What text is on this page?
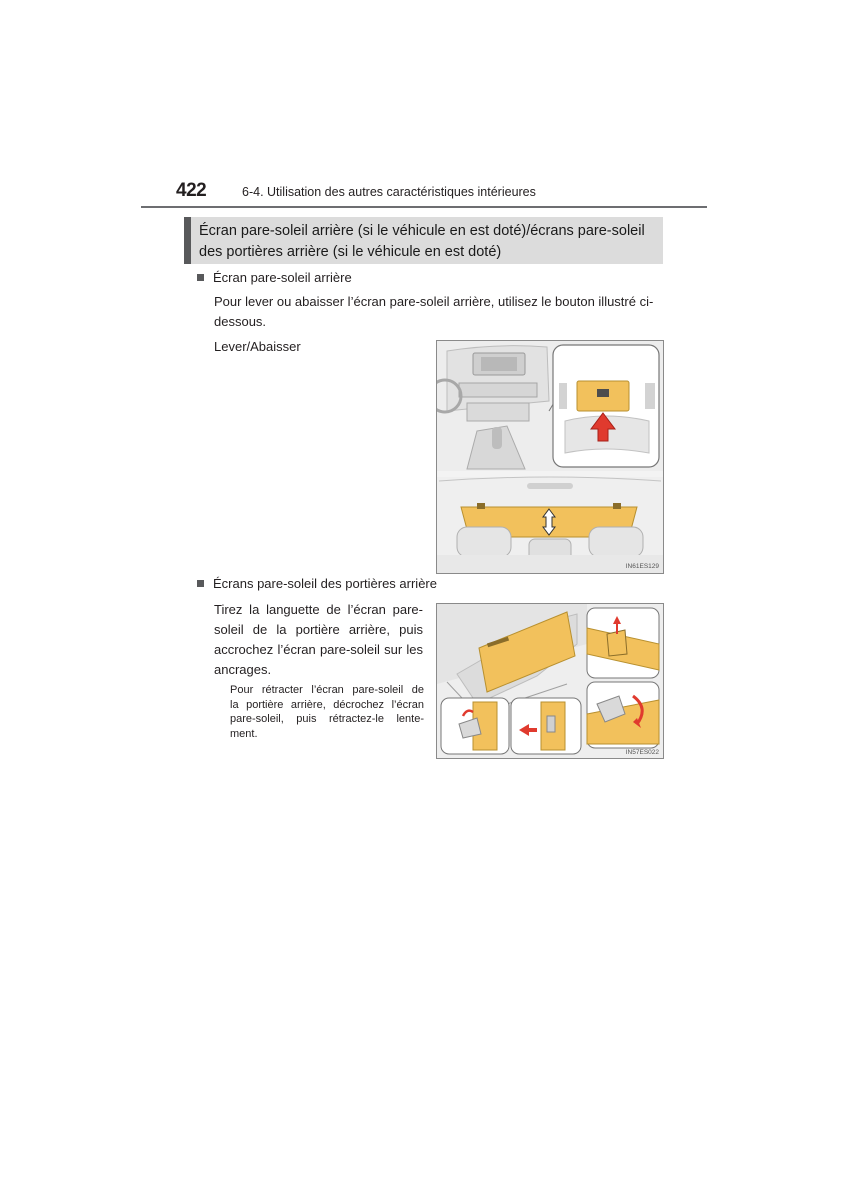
422	6-4. Utilisation des autres caractéristiques intérieures
Écran pare-soleil arrière (si le véhicule en est doté)/écrans pare-soleil
des portières arrière (si le véhicule en est doté)
Écran pare-soleil arrière
Pour lever ou abaisser l’écran pare-soleil arrière, utilisez le bouton illustré ci-
dessous.
Lever/Abaisser
IN61ES129
Écrans pare-soleil des portières arrière
Tirez la languette de l’écran pare-
soleil de la portière arrière, puis
accrochez l’écran pare-soleil sur les
ancrages.
Pour rétracter l’écran pare-soleil de
la portière arrière, décrochez l’écran
pare-soleil, puis rétractez-le lente-
ment.
IN57ES022
